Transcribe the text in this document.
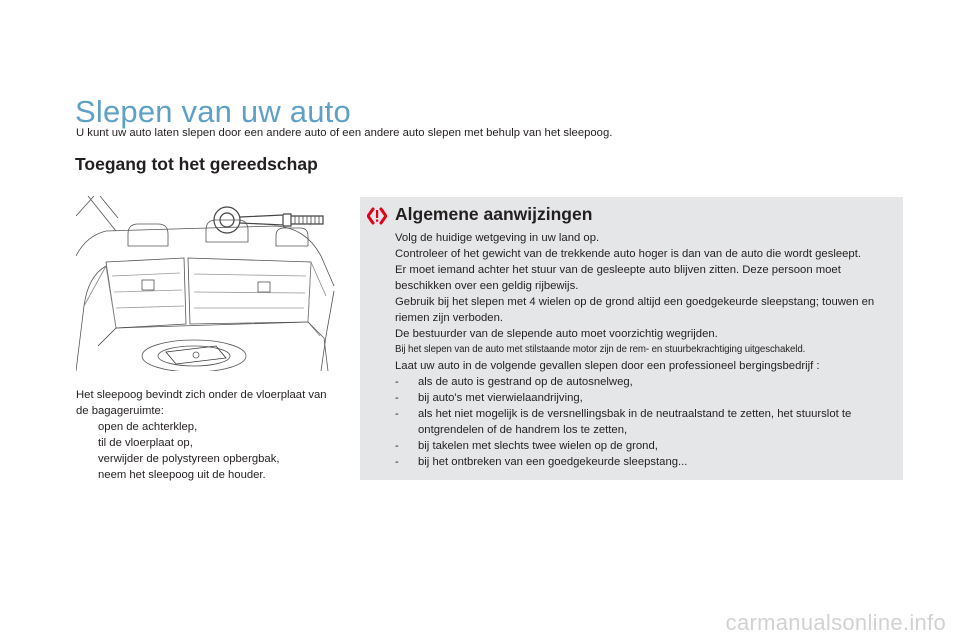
Slepen van uw auto

U kunt uw auto laten slepen door een andere auto of een andere auto slepen met behulp van het sleepoog.

Toegang tot het gereedschap

Het sleepoog bevindt zich onder de vloerplaat van de bagageruimte:

open de achterklep,
til de vloerplaat op,
verwijder de polystyreen opbergbak,
neem het sleepoog uit de houder.
Algemene aanwijzingen

Volg de huidige wetgeving in uw land op.

Controleer of het gewicht van de trekkende auto hoger is dan van de auto die wordt gesleept.

Er moet iemand achter het stuur van de gesleepte auto blijven zitten. Deze persoon moet beschikken over een geldig rijbewijs.

Gebruik bij het slepen met 4 wielen op de grond altijd een goedgekeurde sleepstang; touwen en riemen zijn verboden.

De bestuurder van de slepende auto moet voorzichtig wegrijden.

Bij het slepen van de auto met stilstaande motor zijn de rem- en stuurbekrachtiging uitgeschakeld.

Laat uw auto in de volgende gevallen slepen door een professioneel bergingsbedrijf :

- als de auto is gestrand op de autosnelweg,
- bij auto's met vierwielaandrijving,
- als het niet mogelijk is de versnellingsbak in de neutraalstand te zetten, het stuurslot te ontgrendelen of de handrem los te zetten,
- bij takelen met slechts twee wielen op de grond,
- bij het ontbreken van een goedgekeurde sleepstang...

carmanualsonline.info
